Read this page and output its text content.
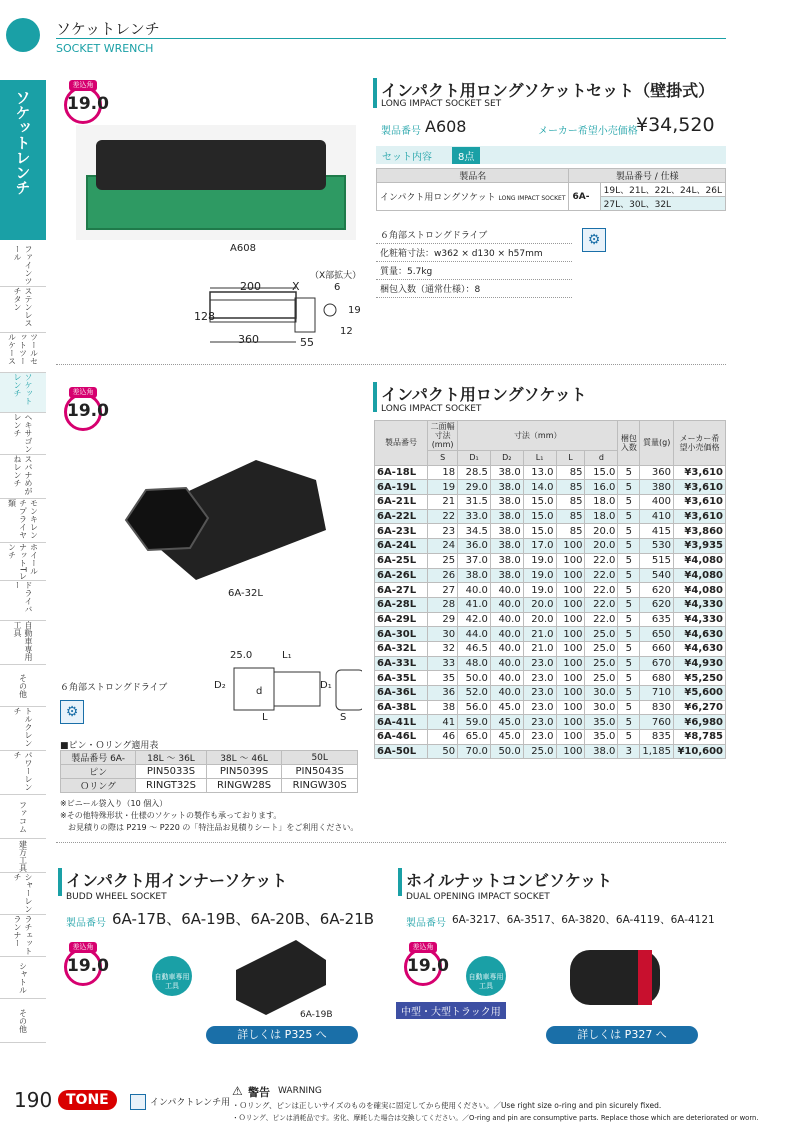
ソケットレンチ
SOCKET WRENCH
ソケットレンチ
ファインツール
ステンレスチタン
ツールセットツールケース
ソケットレンチ
ヘキサゴンレンチ
スパナめがねレンチ
モンキレンチプライヤ類
ホイールナットTレンチ
ドライバー
自動車専用工具
その他
トルクレンチ
パワーレンチ
ファコム
建方工具
シャーレンチ
ラチェットランナー
シャトル
その他
差込角
19.0
A608
200	X
128
360	55
（X部拡大）
6
19
12
インパクト用ロングソケットセット（壁掛式）
LONG IMPACT SOCKET SET
製品番号 A608	メーカー希望小売価格
¥34,520
セット内容	8点
製品名	製品番号 / 仕様	
インパクト用ロングソケット LONG IMPACT SOCKET	6A-	19L、21L、22L、24L、26L
		27L、30L、32L
６角部ストロングドライブ
化粧箱寸法：w362 × d130 × h57mm
質量：5.7kg
梱包入数（通常仕様）：8
⚙
差込角
19.0
6A-32L
25.0	L₁
D₂
d
D₁
L	S
６角部ストロングドライブ
⚙
■ピン・Ｏリング適用表
製品番号 6A-	18L ～ 36L	38L ～ 46L	50L
ピン	PIN5033S	PIN5039S	PIN5043S
Ｏリング	RINGT32S	RINGW28S	RINGW30S
※ビニール袋入り（10 個入）
※その他特殊形状・仕様のソケットの製作も承っております。
お見積りの際は P219 ～ P220 の「特注品お見積りシート」をご利用ください。
インパクト用ロングソケット
LONG IMPACT SOCKET
製品番号	二面幅寸法(mm)	寸法（mm）					梱包入数	質量(g)	メーカー希望小売価格
	S	D₁	D₂	L₁	L	d			
6A-18L	18	28.5	38.0	13.0	85	15.0	5	360	¥3,610
6A-19L	19	29.0	38.0	14.0	85	16.0	5	380	¥3,610
6A-21L	21	31.5	38.0	15.0	85	18.0	5	400	¥3,610
6A-22L	22	33.0	38.0	15.0	85	18.0	5	410	¥3,610
6A-23L	23	34.5	38.0	15.0	85	20.0	5	415	¥3,860
6A-24L	24	36.0	38.0	17.0	100	20.0	5	530	¥3,935
6A-25L	25	37.0	38.0	19.0	100	22.0	5	515	¥4,080
6A-26L	26	38.0	38.0	19.0	100	22.0	5	540	¥4,080
6A-27L	27	40.0	40.0	19.0	100	22.0	5	620	¥4,080
6A-28L	28	41.0	40.0	20.0	100	22.0	5	620	¥4,330
6A-29L	29	42.0	40.0	20.0	100	22.0	5	635	¥4,330
6A-30L	30	44.0	40.0	21.0	100	25.0	5	650	¥4,630
6A-32L	32	46.5	40.0	21.0	100	25.0	5	660	¥4,630
6A-33L	33	48.0	40.0	23.0	100	25.0	5	670	¥4,930
6A-35L	35	50.0	40.0	23.0	100	25.0	5	680	¥5,250
6A-36L	36	52.0	40.0	23.0	100	30.0	5	710	¥5,600
6A-38L	38	56.0	45.0	23.0	100	30.0	5	830	¥6,270
6A-41L	41	59.0	45.0	23.0	100	35.0	5	760	¥6,980
6A-46L	46	65.0	45.0	23.0	100	35.0	5	835	¥8,785
6A-50L	50	70.0	50.0	25.0	100	38.0	3	1,185	¥10,600
インパクト用インナーソケット
BUDD WHEEL SOCKET
製品番号 6A-17B、6A-19B、6A-20B、6A-21B
差込角
19.0
自動車専用工具
6A-19B
詳しくは P325 へ
ホイルナットコンビソケット
DUAL OPENING IMPACT SOCKET
製品番号 6A-3217、6A-3517、6A-3820、6A-4119、6A-4121
差込角
19.0
自動車専用工具
中型・大型トラック用
詳しくは P327 へ
190 TONE	インパクトレンチ用
⚠ 警告 WARNING
・Ｏリング、ピンは正しいサイズのものを確実に固定してから使用ください。／Use right size o-ring and pin sicurely fixed.
・Ｏリング、ピンは消耗品です。劣化、摩耗した場合は交換してください。／O-ring and pin are consumptive parts. Replace those which are deteriorated or worn.
